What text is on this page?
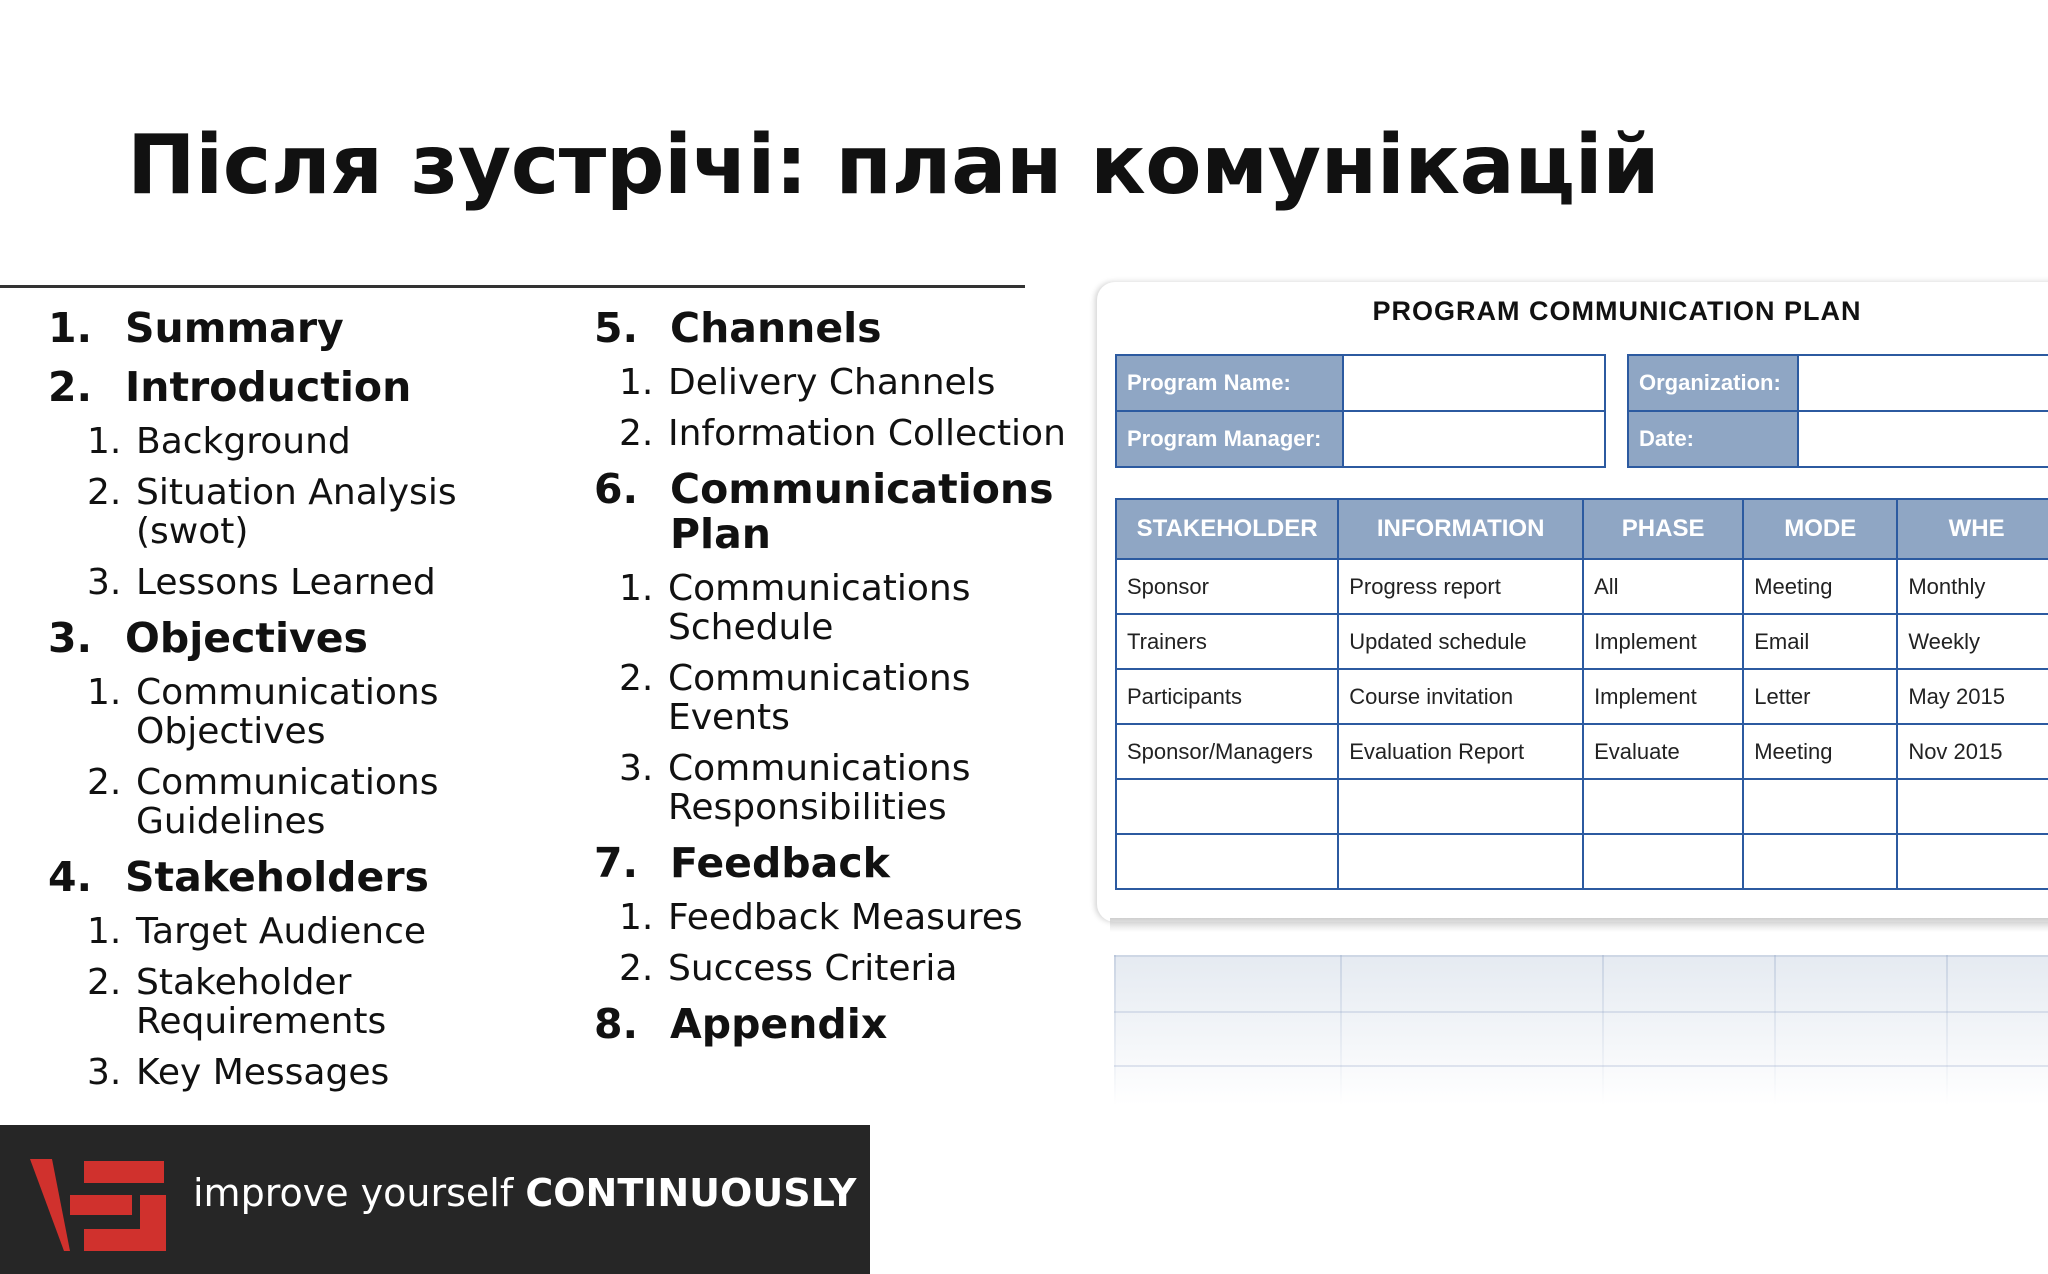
Після зустрічі: план комунікацій
1. Summary
2. Introduction
1. Background
2. Situation Analysis (swot)
3. Lessons Learned
3. Objectives
1. Communications Objectives
2. Communications Guidelines
4. Stakeholders
1. Target Audience
2. Stakeholder Requirements
3. Key Messages
5. Channels
1. Delivery Channels
2. Information Collection
6. Communications Plan
1. Communications Schedule
2. Communications Events
3. Communications Responsibilities
7. Feedback
1. Feedback Measures
2. Success Criteria
8. Appendix
PROGRAM COMMUNICATION PLAN
Program Name:	
Program Manager:	
Organization:	
Date:	
STAKEHOLDER	INFORMATION	PHASE	MODE	WHE
Sponsor	Progress report	All	Meeting	Monthly
Trainers	Updated schedule	Implement	Email	Weekly
Participants	Course invitation	Implement	Letter	May 2015
Sponsor/Managers	Evaluation Report	Evaluate	Meeting	Nov 2015

improve yourself CONTINUOUSLY
